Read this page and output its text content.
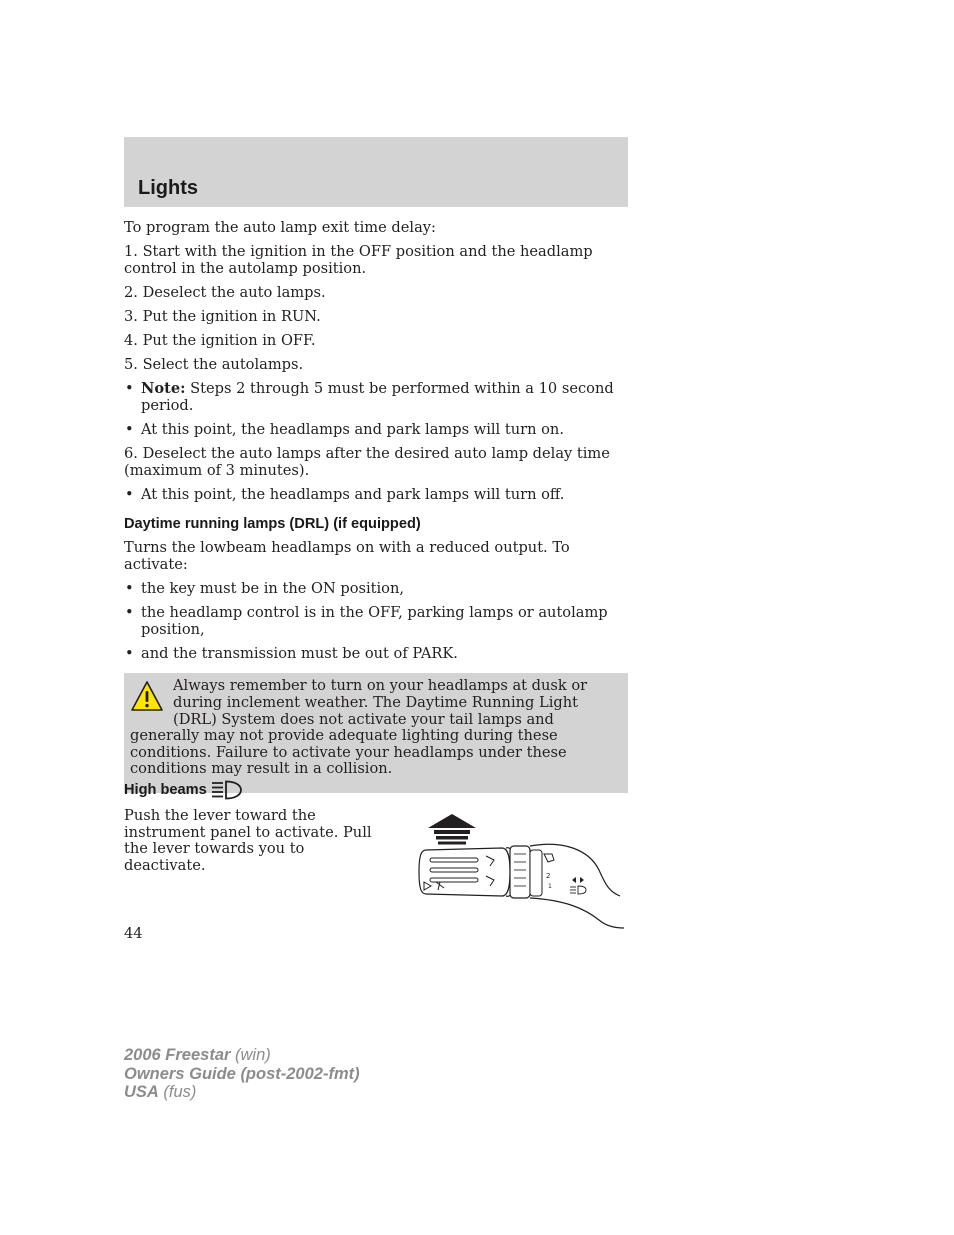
Lights

To program the auto lamp exit time delay:

1. Start with the ignition in the OFF position and the headlamp control in the autolamp position.

2. Deselect the auto lamps.

3. Put the ignition in RUN.

4. Put the ignition in OFF.

5. Select the autolamps.

• Note: Steps 2 through 5 must be performed within a 10 second period.
• At this point, the headlamps and park lamps will turn on.

6. Deselect the auto lamps after the desired auto lamp delay time (maximum of 3 minutes).

• At this point, the headlamps and park lamps will turn off.
Daytime running lamps (DRL) (if equipped)

Turns the lowbeam headlamps on with a reduced output. To activate:

• the key must be in the ON position,
• the headlamp control is in the OFF, parking lamps or autolamp position,
• and the transmission must be out of PARK.

Always remember to turn on your headlamps at dusk or during inclement weather. The Daytime Running Light (DRL) System does not activate your tail lamps and generally may not provide adequate lighting during these conditions. Failure to activate your headlamps under these conditions may result in a collision.

High beams

Push the lever toward the instrument panel to activate. Pull the lever towards you to deactivate.

2
1

44

2006 Freestar (win)
Owners Guide (post-2002-fmt)
USA (fus)
